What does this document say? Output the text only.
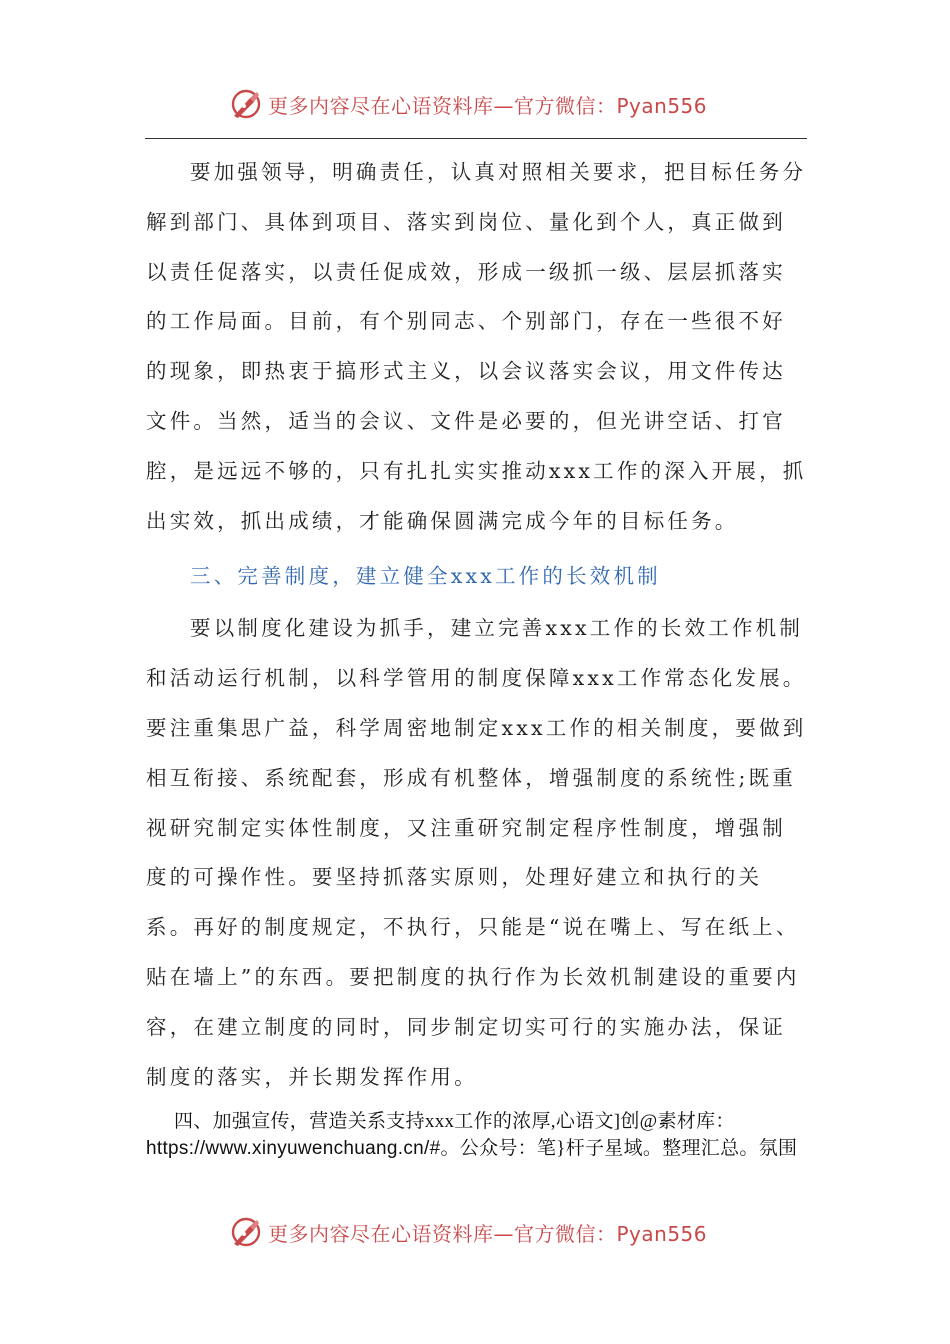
更多内容尽在心语资料库—官方微信：Pyan556

要加强领导，明确责任，认真对照相关要求，把目标任务分解到部门、具体到项目、落实到岗位、量化到个人，真正做到以责任促落实，以责任促成效，形成一级抓一级、层层抓落实的工作局面。目前，有个别同志、个别部门，存在一些很不好的现象，即热衷于搞形式主义，以会议落实会议，用文件传达文件。当然，适当的会议、文件是必要的，但光讲空话、打官腔，是远远不够的，只有扎扎实实推动xxx工作的深入开展，抓出实效，抓出成绩，才能确保圆满完成今年的目标任务。

三、完善制度，建立健全xxx工作的长效机制

要以制度化建设为抓手，建立完善xxx工作的长效工作机制和活动运行机制，以科学管用的制度保障xxx工作常态化发展。要注重集思广益，科学周密地制定xxx工作的相关制度，要做到相互衔接、系统配套，形成有机整体，增强制度的系统性;既重视研究制定实体性制度，又注重研究制定程序性制度，增强制度的可操作性。要坚持抓落实原则，处理好建立和执行的关系。再好的制度规定，不执行，只能是“说在嘴上、写在纸上、贴在墙上”的东西。要把制度的执行作为长效机制建设的重要内容，在建立制度的同时，同步制定切实可行的实施办法，保证制度的落实，并长期发挥作用。

四、加强宣传，营造关系支持xxx工作的浓厚,心语文]创@素材库：
https://www.xinyuwenchuang.cn/#。公众号：笔}杆子星域。整理汇总。氛围

更多内容尽在心语资料库—官方微信：Pyan556
